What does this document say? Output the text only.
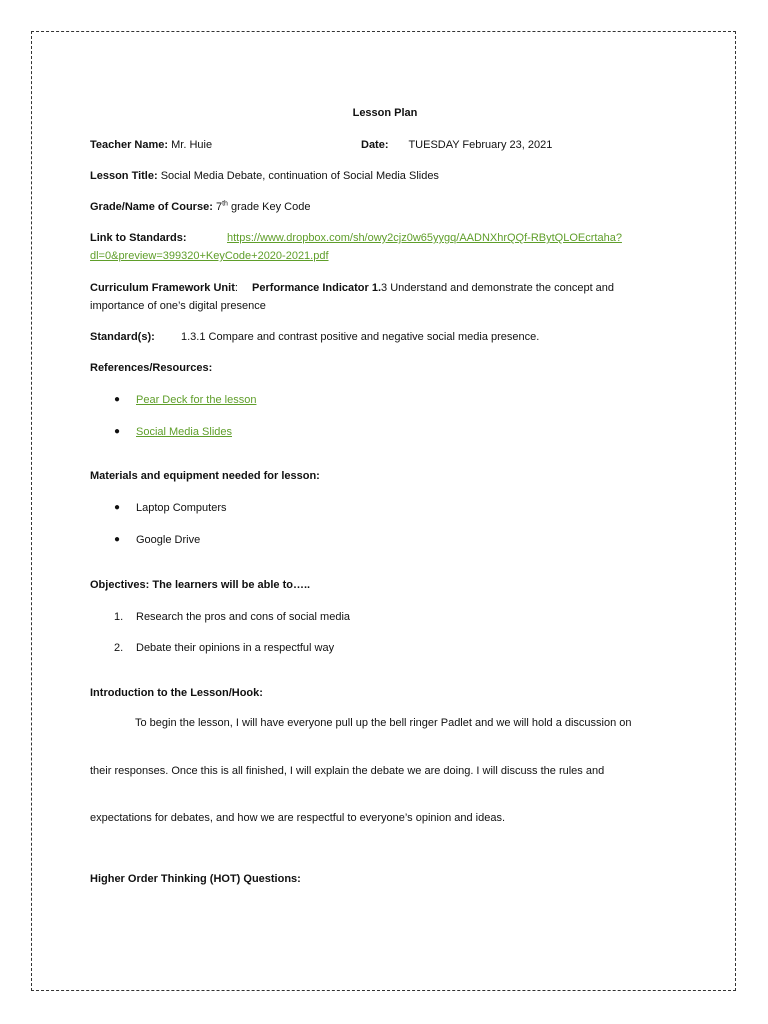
Lesson Plan
Teacher Name: Mr. Huie	Date: TUESDAY February 23, 2021
Lesson Title: Social Media Debate, continuation of Social Media Slides
Grade/Name of Course: 7th grade Key Code
Link to Standards:	https://www.dropbox.com/sh/owy2cjz0w65yygq/AADNXhrQQf-RBytQLOEcrtaha?
dl=0&preview=399320+KeyCode+2020-2021.pdf
Curriculum Framework Unit: Performance Indicator 1.3 Understand and demonstrate the concept and
importance of one’s digital presence
Standard(s): 1.3.1 Compare and contrast positive and negative social media presence.
References/Resources:
● Pear Deck for the lesson
● Social Media Slides
Materials and equipment needed for lesson:
● Laptop Computers
● Google Drive
Objectives: The learners will be able to…..
1. Research the pros and cons of social media
2. Debate their opinions in a respectful way
Introduction to the Lesson/Hook:
To begin the lesson, I will have everyone pull up the bell ringer Padlet and we will hold a discussion on
their responses. Once this is all finished, I will explain the debate we are doing. I will discuss the rules and
expectations for debates, and how we are respectful to everyone’s opinion and ideas.
Higher Order Thinking (HOT) Questions:
